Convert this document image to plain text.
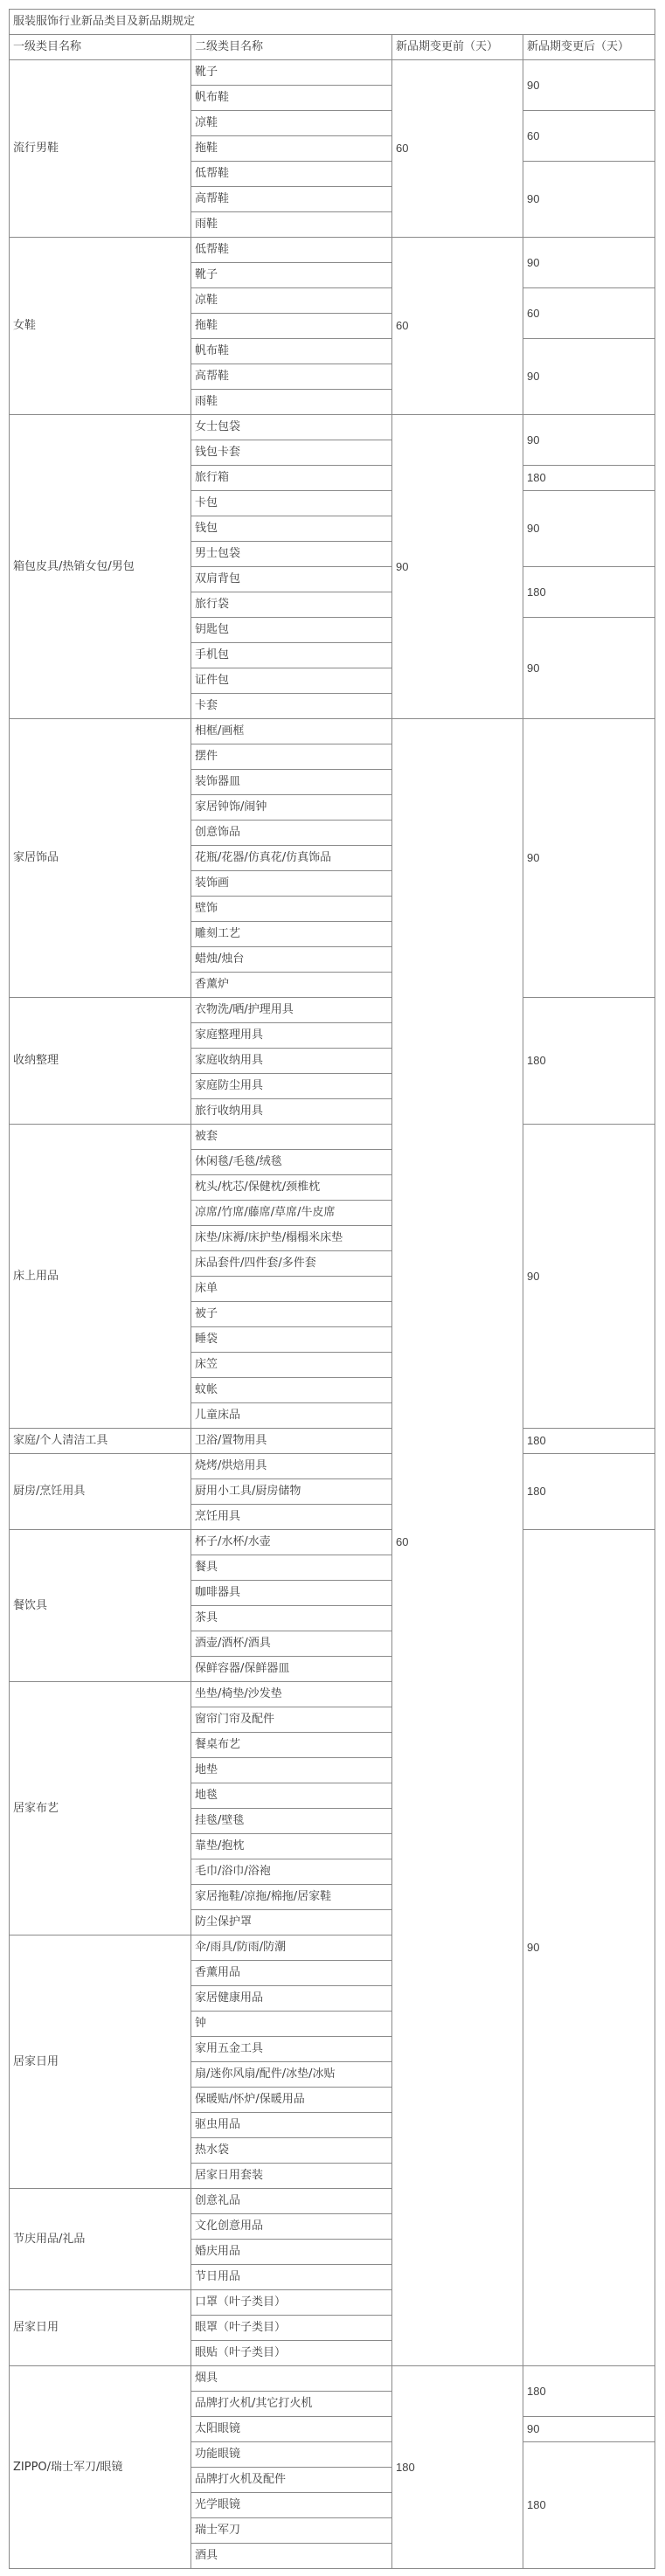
服装服饰行业新品类目及新品期规定			
一级类目名称	二级类目名称	新品期变更前（天）	新品期变更后（天）
流行男鞋	靴子	60	90
	帆布鞋		
	凉鞋		60
	拖鞋		
	低帮鞋		90
	高帮鞋		
	雨鞋		
女鞋	低帮鞋	60	90
	靴子		
	凉鞋		60
	拖鞋		
	帆布鞋		90
	高帮鞋		
	雨鞋		
箱包皮具/热销女包/男包	女士包袋	90	90
	钱包卡套		
	旅行箱		180
	卡包		90
	钱包		
	男士包袋		
	双肩背包		180
	旅行袋		
	钥匙包		90
	手机包		
	证件包		
	卡套		
家居饰品	相框/画框	60	90
	摆件		
	装饰器皿		
	家居钟饰/闹钟		
	创意饰品		
	花瓶/花器/仿真花/仿真饰品		
	装饰画		
	壁饰		
	雕刻工艺		
	蜡烛/烛台		
	香薰炉		
收纳整理	衣物洗/晒/护理用具		180
	家庭整理用具		
	家庭收纳用具		
	家庭防尘用具		
	旅行收纳用具		
床上用品	被套		90
	休闲毯/毛毯/绒毯		
	枕头/枕芯/保健枕/颈椎枕		
	凉席/竹席/藤席/草席/牛皮席		
	床垫/床褥/床护垫/榻榻米床垫		
	床品套件/四件套/多件套		
	床单		
	被子		
	睡袋		
	床笠		
	蚊帐		
	儿童床品		
家庭/个人清洁工具	卫浴/置物用具		180
厨房/烹饪用具	烧烤/烘焙用具		180
	厨用小工具/厨房储物		
	烹饪用具		
餐饮具	杯子/水杯/水壶		90
	餐具		
	咖啡器具		
	茶具		
	酒壶/酒杯/酒具		
	保鲜容器/保鲜器皿		
居家布艺	坐垫/椅垫/沙发垫		
	窗帘门帘及配件		
	餐桌布艺		
	地垫		
	地毯		
	挂毯/壁毯		
	靠垫/抱枕		
	毛巾/浴巾/浴袍		
	家居拖鞋/凉拖/棉拖/居家鞋		
	防尘保护罩		
居家日用	伞/雨具/防雨/防潮		
	香薰用品		
	家居健康用品		
	钟		
	家用五金工具		
	扇/迷你风扇/配件/冰垫/冰贴		
	保暖贴/怀炉/保暖用品		
	驱虫用品		
	热水袋		
	居家日用套装		
节庆用品/礼品	创意礼品		
	文化创意用品		
	婚庆用品		
	节日用品		
居家日用	口罩（叶子类目）		
	眼罩（叶子类目）		
	眼贴（叶子类目）		
ZIPPO/瑞士军刀/眼镜	烟具	180	180
	品牌打火机/其它打火机		
	太阳眼镜		90
	功能眼镜		180
	品牌打火机及配件		
	光学眼镜		
	瑞士军刀		
	酒具		
